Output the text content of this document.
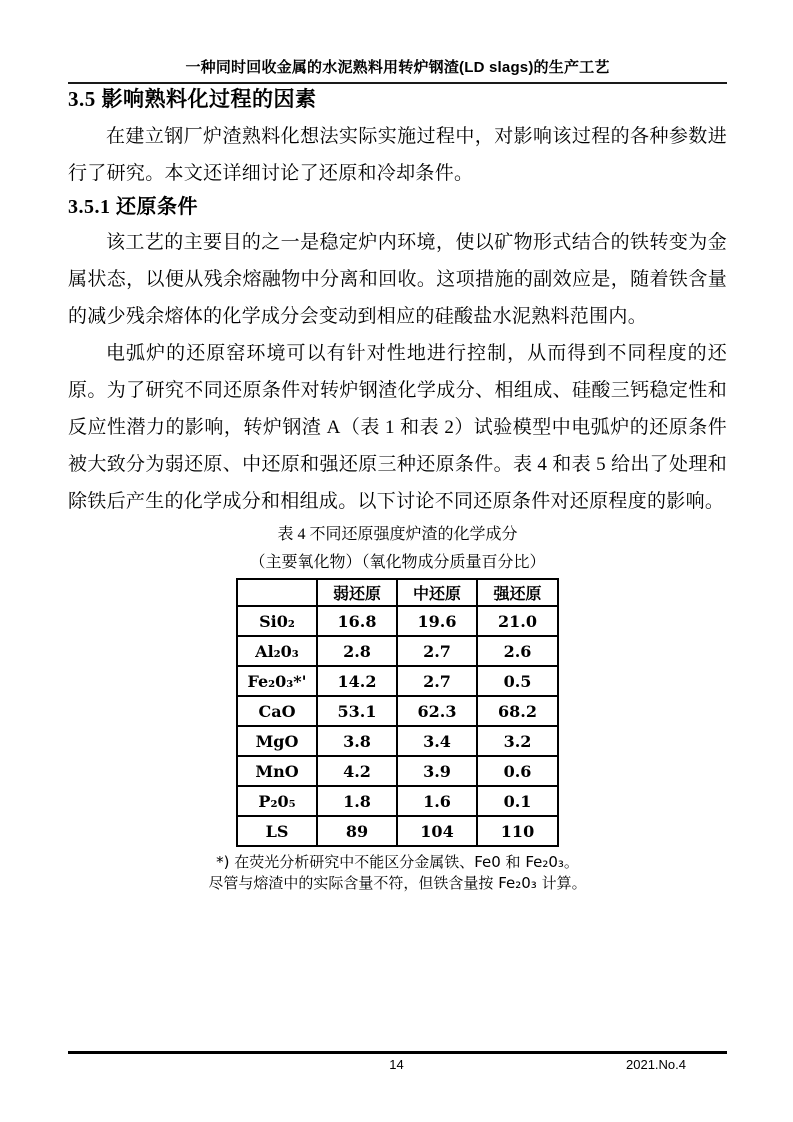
一种同时回收金属的水泥熟料用转炉钢渣(LD slags)的生产工艺
3.5 影响熟料化过程的因素

在建立钢厂炉渣熟料化想法实际实施过程中，对影响该过程的各种参数进行了研究。本文还详细讨论了还原和冷却条件。

3.5.1 还原条件

该工艺的主要目的之一是稳定炉内环境，使以矿物形式结合的铁转变为金属状态，以便从残余熔融物中分离和回收。这项措施的副效应是，随着铁含量的减少残余熔体的化学成分会变动到相应的硅酸盐水泥熟料范围内。

电弧炉的还原窑环境可以有针对性地进行控制，从而得到不同程度的还原。为了研究不同还原条件对转炉钢渣化学成分、相组成、硅酸三钙稳定性和反应性潜力的影响，转炉钢渣 A（表 1 和表 2）试验模型中电弧炉的还原条件被大致分为弱还原、中还原和强还原三种还原条件。表 4 和表 5 给出了处理和除铁后产生的化学成分和相组成。以下讨论不同还原条件对还原程度的影响。

表 4 不同还原强度炉渣的化学成分
（主要氧化物）（氧化物成分质量百分比）
	弱还原	中还原	强还原
Si0₂	16.8	19.6	21.0
Al₂0₃	2.8	2.7	2.6
Fe₂0₃*'	14.2	2.7	0.5
CaO	53.1	62.3	68.2
MgO	3.8	3.4	3.2
MnO	4.2	3.9	0.6
P₂0₅	1.8	1.6	0.1
LS	89	104	110
*) 在荧光分析研究中不能区分金属铁、Fe0 和 Fe₂0₃。
尽管与熔渣中的实际含量不符，但铁含量按 Fe₂0₃ 计算。
14	2021.No.4
